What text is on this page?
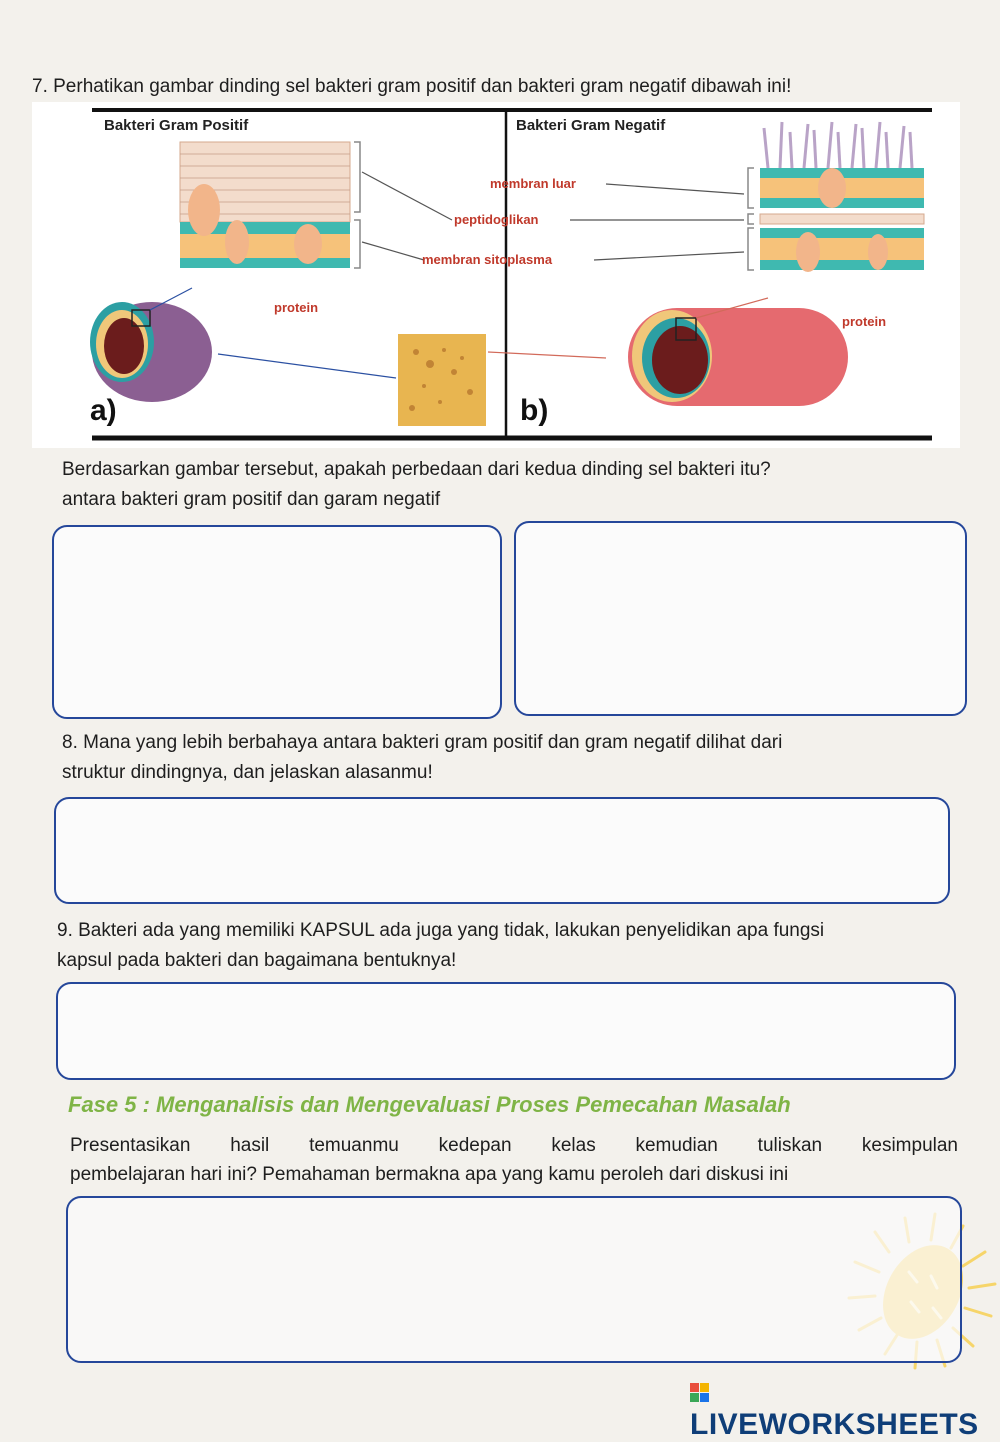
7. Perhatikan gambar dinding sel bakteri gram positif dan bakteri gram negatif dibawah ini!
Bakteri Gram Positif	Bakteri Gram Negatif
membran luar
peptidoglikan
membran sitoplasma
protein
protein
a)	b)
Berdasarkan gambar tersebut, apakah perbedaan dari kedua dinding sel bakteri itu?
antara bakteri gram positif dan garam negatif
8. Mana yang lebih berbahaya antara bakteri gram positif dan gram negatif dilihat dari
struktur dindingnya, dan jelaskan alasanmu!
9. Bakteri ada yang memiliki KAPSUL ada juga yang tidak, lakukan penyelidikan apa fungsi
kapsul pada bakteri dan bagaimana bentuknya!
Fase 5 : Menganalisis dan Mengevaluasi Proses Pemecahan Masalah
Presentasikan hasil temuanmu kedepan kelas kemudian tuliskan kesimpulan
pembelajaran hari ini? Pemahaman bermakna apa yang kamu peroleh dari diskusi ini
LIVEWORKSHEETS
